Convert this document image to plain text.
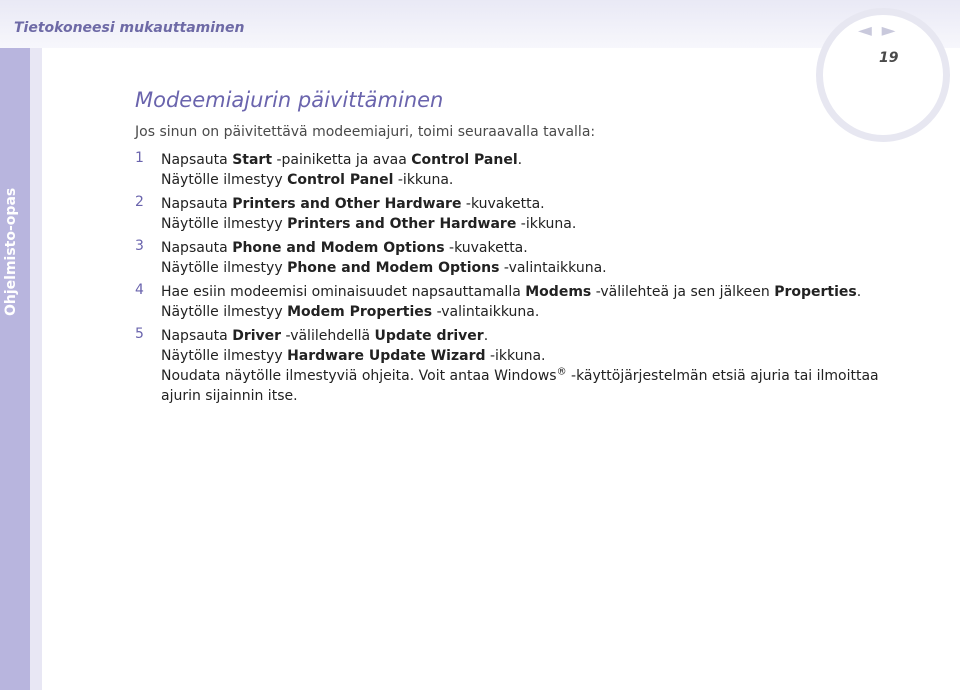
Tietokoneesi mukauttaminen
Ohjelmisto-opas
◄ ►
19
Modeemiajurin päivittäminen
Jos sinun on päivitettävä modeemiajuri, toimi seuraavalla tavalla:
1	Napsauta Start -painiketta ja avaa Control Panel.
Näytölle ilmestyy Control Panel -ikkuna.
2	Napsauta Printers and Other Hardware -kuvaketta.
Näytölle ilmestyy Printers and Other Hardware -ikkuna.
3	Napsauta Phone and Modem Options -kuvaketta.
Näytölle ilmestyy Phone and Modem Options -valintaikkuna.
4	Hae esiin modeemisi ominaisuudet napsauttamalla Modems -välilehteä ja sen jälkeen Properties.
Näytölle ilmestyy Modem Properties -valintaikkuna.
5	Napsauta Driver -välilehdellä Update driver.
Näytölle ilmestyy Hardware Update Wizard -ikkuna.
Noudata näytölle ilmestyviä ohjeita. Voit antaa Windows® -käyttöjärjestelmän etsiä ajuria tai ilmoittaa
ajurin sijainnin itse.
